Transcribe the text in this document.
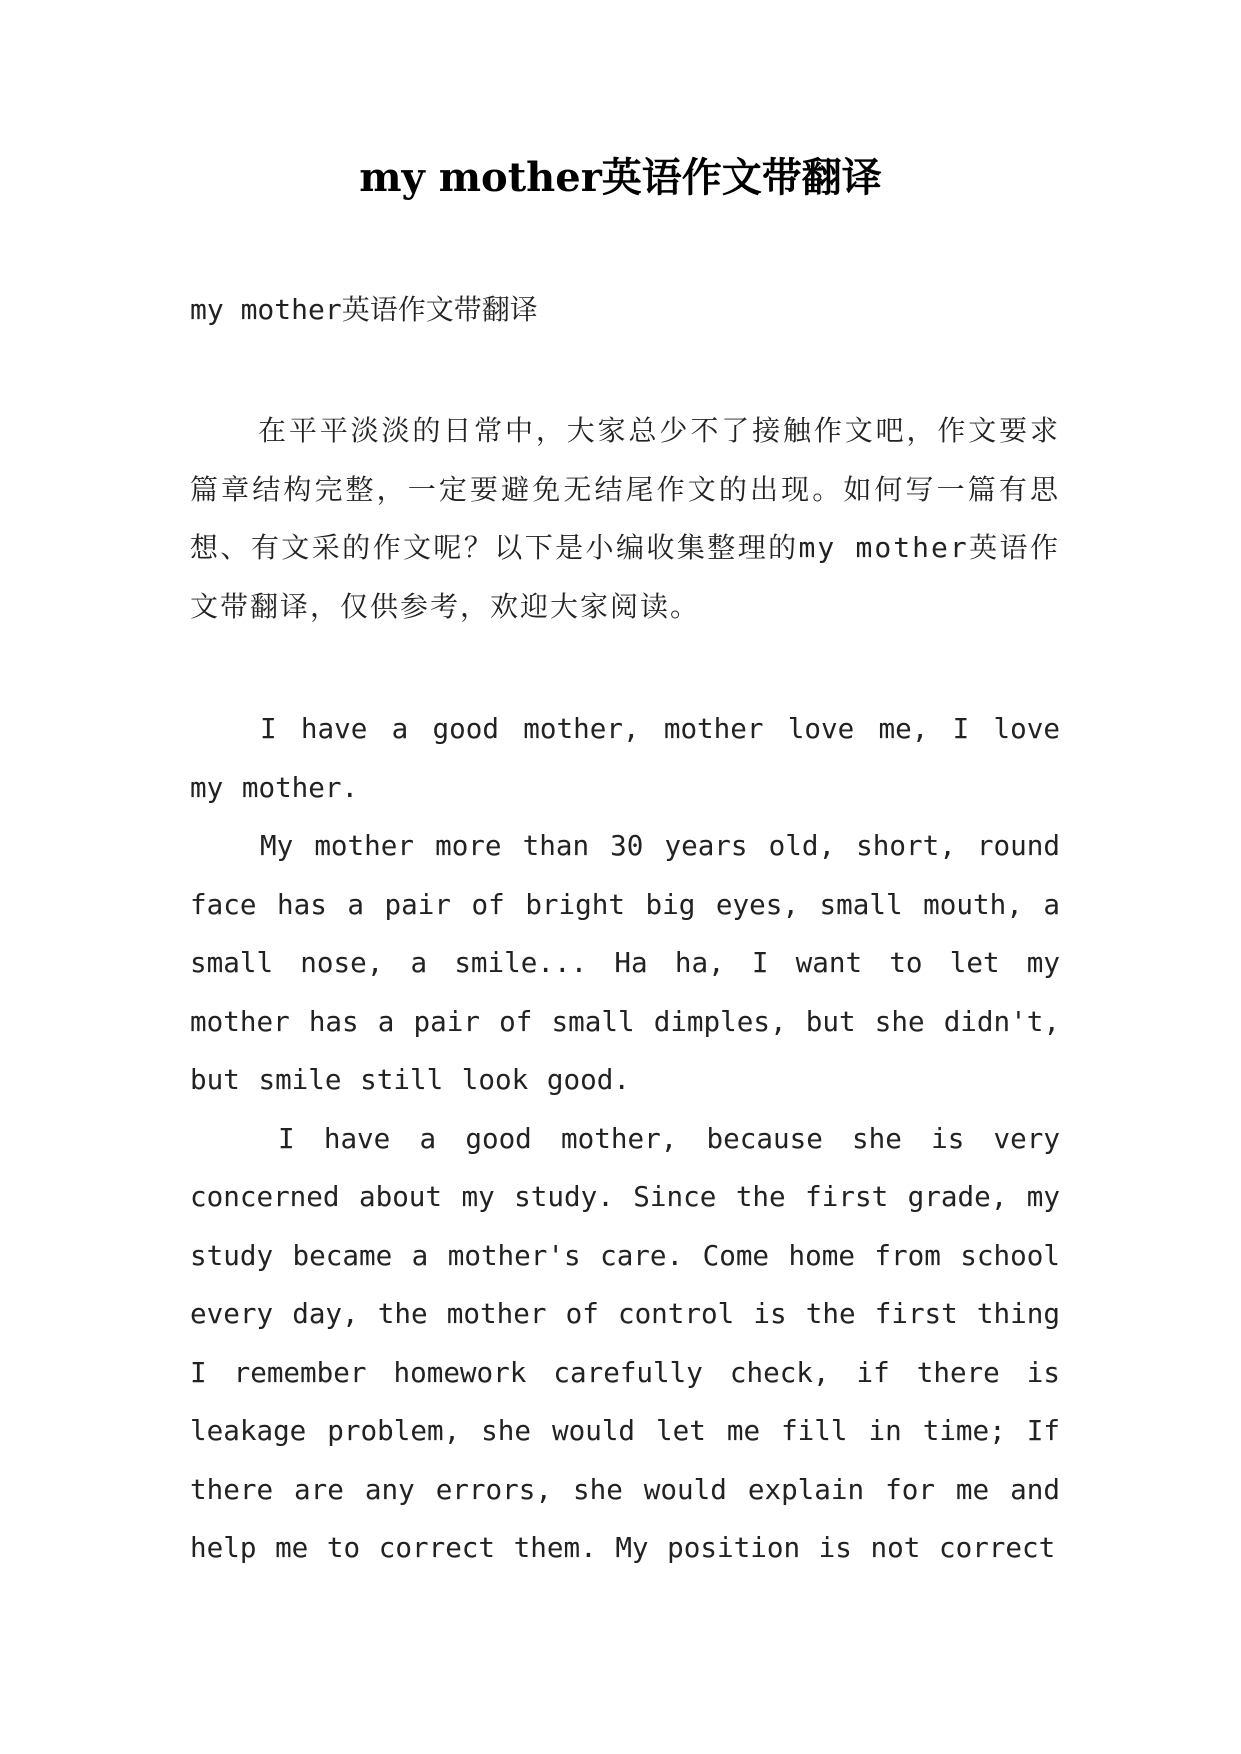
my mother英语作文带翻译
my mother英语作文带翻译

在平平淡淡的日常中，大家总少不了接触作文吧，作文要求篇章结构完整，一定要避免无结尾作文的出现。如何写一篇有思想、有文采的作文呢？以下是小编收集整理的my mother英语作文带翻译，仅供参考，欢迎大家阅读。

I have a good mother, mother love me, I love my mother.

My mother more than 30 years old, short, round face has a pair of bright big eyes, small mouth, a small nose, a smile... Ha ha, I want to let my mother has a pair of small dimples, but she didn't, but smile still look good.

I have a good mother, because she is very concerned about my study. Since the first grade, my study became a mother's care. Come home from school every day, the mother of control is the first thing I remember homework carefully check, if there is leakage problem, she would let me fill in time; If there are any errors, she would explain for me and help me to correct them. My position is not correct
